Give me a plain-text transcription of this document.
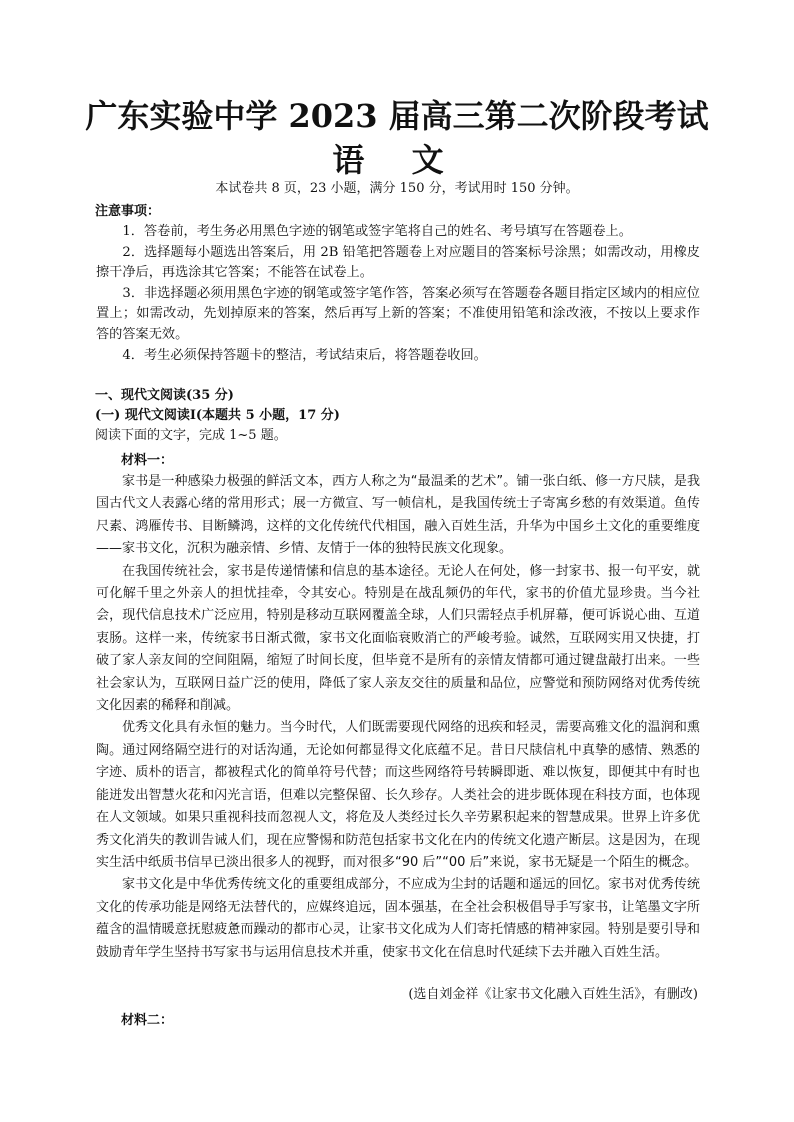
广东实验中学 2023 届高三第二次阶段考试
语 文
本试卷共 8 页，23 小题，满分 150 分，考试用时 150 分钟。
注意事项：

1．答卷前，考生务必用黑色字迹的钢笔或签字笔将自己的姓名、考号填写在答题卷上。

2．选择题每小题选出答案后，用 2B 铅笔把答题卷上对应题目的答案标号涂黑；如需改动，用橡皮擦干净后，再选涂其它答案；不能答在试卷上。

3．非选择题必须用黑色字迹的钢笔或签字笔作答，答案必须写在答题卷各题目指定区域内的相应位置上；如需改动，先划掉原来的答案，然后再写上新的答案；不准使用铅笔和涂改液，不按以上要求作答的答案无效。

4．考生必须保持答题卡的整洁，考试结束后，将答题卷收回。

一、现代文阅读(35 分)
(一) 现代文阅读Ⅰ(本题共 5 小题，17 分)
阅读下面的文字，完成 1~5 题。
材料一：

家书是一种感染力极强的鲜活文本，西方人称之为“最温柔的艺术”。铺一张白纸、修一方尺牍，是我国古代文人表露心绪的常用形式；展一方微宣、写一帧信札，是我国传统士子寄寓乡愁的有效渠道。鱼传尺素、鸿雁传书、目断鳞鸿，这样的文化传统代代相国，融入百姓生活，升华为中国乡土文化的重要维度——家书文化，沉积为融亲情、乡情、友情于一体的独特民族文化现象。

在我国传统社会，家书是传递情愫和信息的基本途径。无论人在何处，修一封家书、报一句平安，就可化解千里之外亲人的担忧挂牵，令其安心。特别是在战乱频仍的年代，家书的价值尤显珍贵。当今社会，现代信息技术广泛应用，特别是移动互联网覆盖全球，人们只需轻点手机屏幕，便可诉说心曲、互道衷肠。这样一来，传统家书日渐式微，家书文化面临衰败消亡的严峻考验。诚然，互联网实用又快捷，打破了家人亲友间的空间阻隔，缩短了时间长度，但毕竟不是所有的亲情友情都可通过键盘敲打出来。一些社会家认为，互联网日益广泛的使用，降低了家人亲友交往的质量和品位，应警觉和预防网络对优秀传统文化因素的稀释和削减。

优秀文化具有永恒的魅力。当今时代，人们既需要现代网络的迅疾和轻灵，需要高雅文化的温润和熏陶。通过网络隔空进行的对话沟通，无论如何都显得文化底蕴不足。昔日尺牍信札中真挚的感情、熟悉的字迹、质朴的语言，都被程式化的简单符号代替；而这些网络符号转瞬即逝、难以恢复，即便其中有时也能迸发出智慧火花和闪光言语，但难以完整保留、长久珍存。人类社会的进步既体现在科技方面，也体现在人文领域。如果只重视科技而忽视人文，将危及人类经过长久辛劳累积起来的智慧成果。世界上许多优秀文化消失的教训告诫人们，现在应警惕和防范包括家书文化在内的传统文化遗产断层。这是因为，在现实生活中纸质书信早已淡出很多人的视野，而对很多“90 后”“00 后”来说，家书无疑是一个陌生的概念。

家书文化是中华优秀传统文化的重要组成部分，不应成为尘封的话题和遥远的回忆。家书对优秀传统文化的传承功能是网络无法替代的，应媒终追远，固本强基，在全社会积极倡导手写家书，让笔墨文字所蕴含的温情暖意抚慰疲惫而躁动的都市心灵，让家书文化成为人们寄托情感的精神家园。特别是要引导和鼓励青年学生坚持书写家书与运用信息技术并重，使家书文化在信息时代延续下去并融入百姓生活。

(选自刘金祥《让家书文化融入百姓生活》，有删改)
材料二：
